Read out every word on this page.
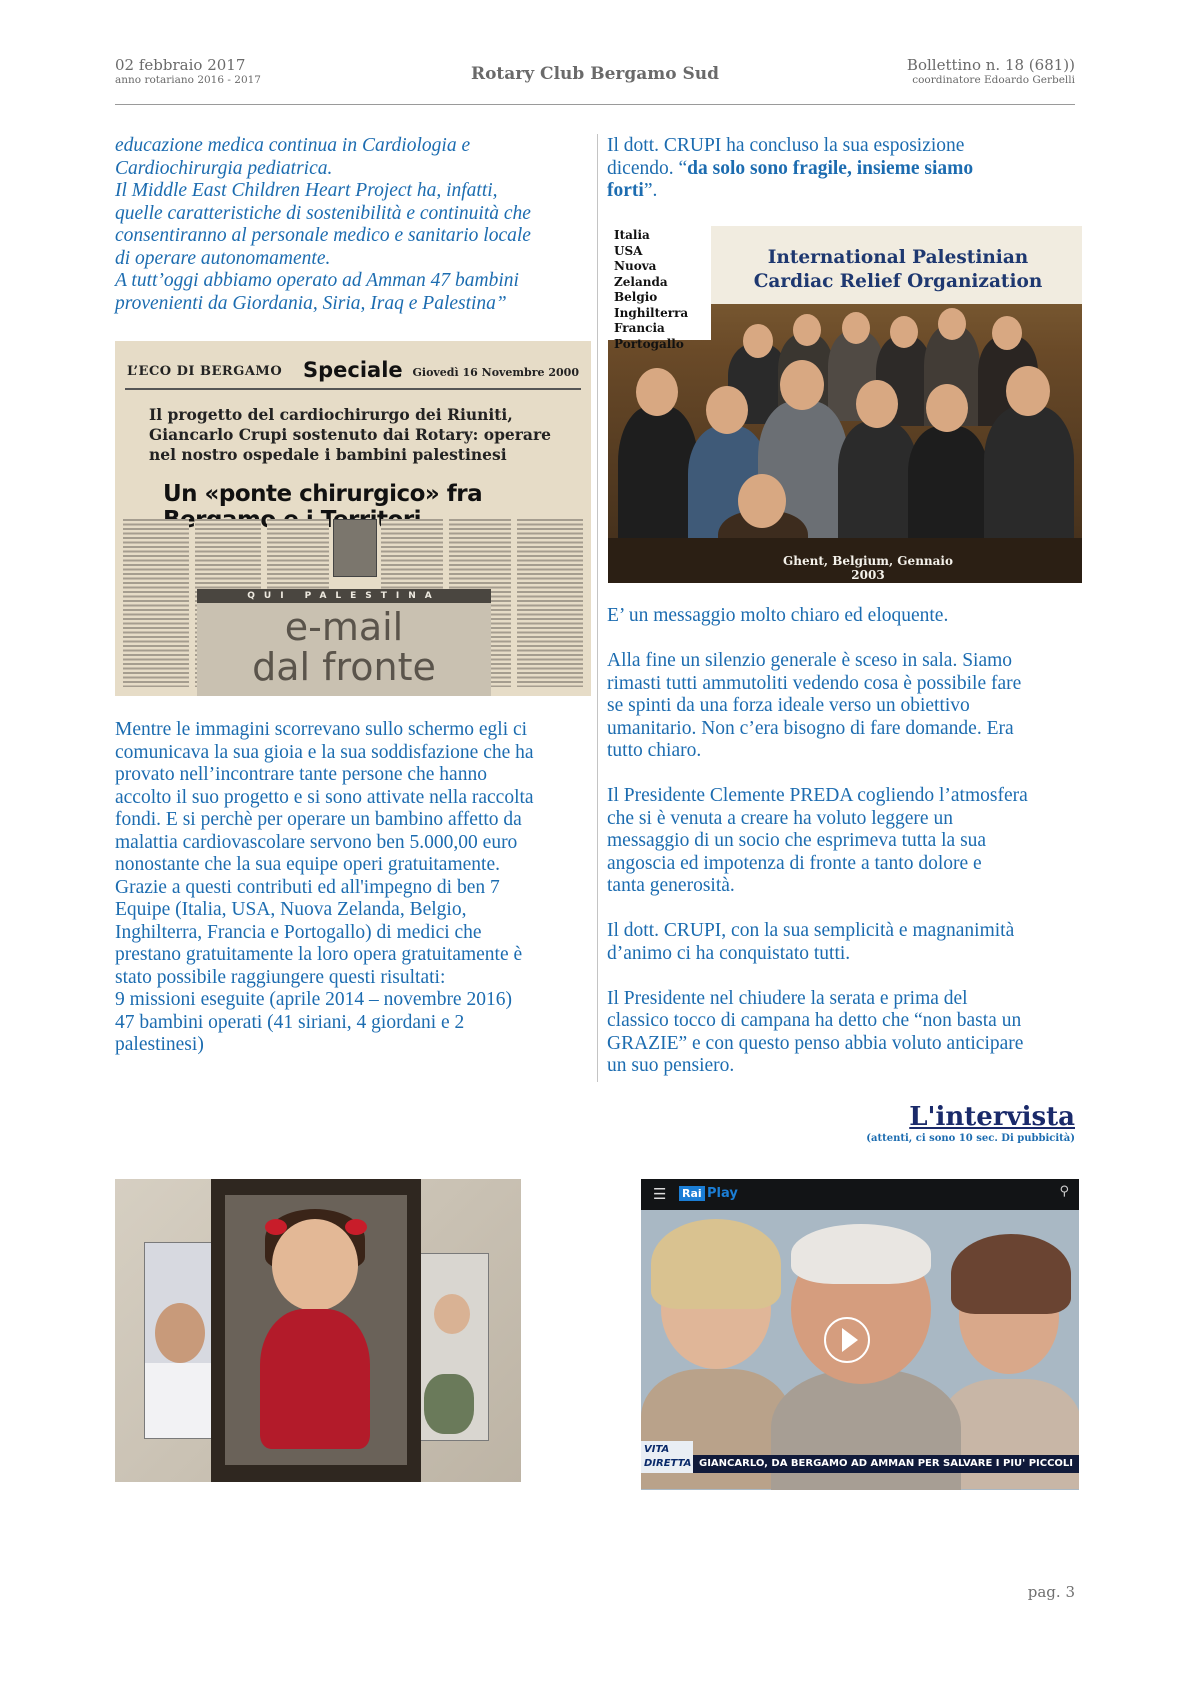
02 febbraio 2017
anno rotariano 2016 - 2017	Rotary Club Bergamo Sud	Bollettino n. 18 (681))
coordinatore Edoardo Gerbelli
educazione medica continua in Cardiologia e
Cardiochirurgia pediatrica.
Il Middle East Children Heart Project ha, infatti,
quelle caratteristiche di sostenibilità e continuità che
consentiranno al personale medico e sanitario locale
di operare autonomamente.
A tutt’oggi abbiamo operato ad Amman 47 bambini
provenienti da Giordania, Siria, Iraq e Palestina”
L’ECO DI BERGAMO Speciale Giovedì 16 Novembre 2000
Il progetto del cardiochirurgo dei Riuniti, Giancarlo Crupi sostenuto dai Rotary: operare nel nostro ospedale i bambini palestinesi
Un «ponte chirurgico» fra
QUI PALESTINA
e-mail
dal fronte
Mentre le immagini scorrevano sullo schermo egli ci
comunicava la sua gioia e la sua soddisfazione che ha
provato nell’incontrare tante persone che hanno
accolto il suo progetto e si sono attivate nella raccolta
fondi. E si perchè per operare un bambino affetto da
malattia cardiovascolare servono ben 5.000,00 euro
nonostante che la sua equipe operi gratuitamente.
Grazie a questi contributi ed all'impegno di ben 7
Equipe (Italia, USA, Nuova Zelanda, Belgio,
Inghilterra, Francia e Portogallo) di medici che
prestano gratuitamente la loro opera gratuitamente è
stato possibile raggiungere questi risultati:
9 missioni eseguite (aprile 2014 – novembre 2016)
47 bambini operati (41 siriani, 4 giordani e 2
palestinesi)
Il dott. CRUPI ha concluso la sua esposizione
dicendo. “da solo sono fragile, insieme siamo
forti”.
International Palestinian
Cardiac Relief Organization
Italia
USA
Nuova Zelanda
Belgio
Inghilterra
Francia
Portogallo
Ghent, Belgium, Gennaio
2003

E’ un messaggio molto chiaro ed eloquente.

Alla fine un silenzio generale è sceso in sala. Siamo
rimasti tutti ammutoliti vedendo cosa è possibile fare
se spinti da una forza ideale verso un obiettivo
umanitario. Non c’era bisogno di fare domande. Era
tutto chiaro.

Il Presidente Clemente PREDA cogliendo l’atmosfera
che si è venuta a creare ha voluto leggere un
messaggio di un socio che esprimeva tutta la sua
angoscia ed impotenza di fronte a tanto dolore e
tanta generosità.

Il dott. CRUPI, con la sua semplicità e magnanimità
d’animo ci ha conquistato tutti.

Il Presidente nel chiudere la serata e prima del
classico tocco di campana ha detto che “non basta un
GRAZIE” e con questo penso abbia voluto anticipare
un suo pensiero.

L'intervista
(attenti, ci sono 10 sec. Di pubbicità)
☰ Rai Play	⚲
GIANCARLO, DA BERGAMO AD AMMAN PER SALVARE I PIU' PICCOLI
VITA
DIRETTA
pag. 3
